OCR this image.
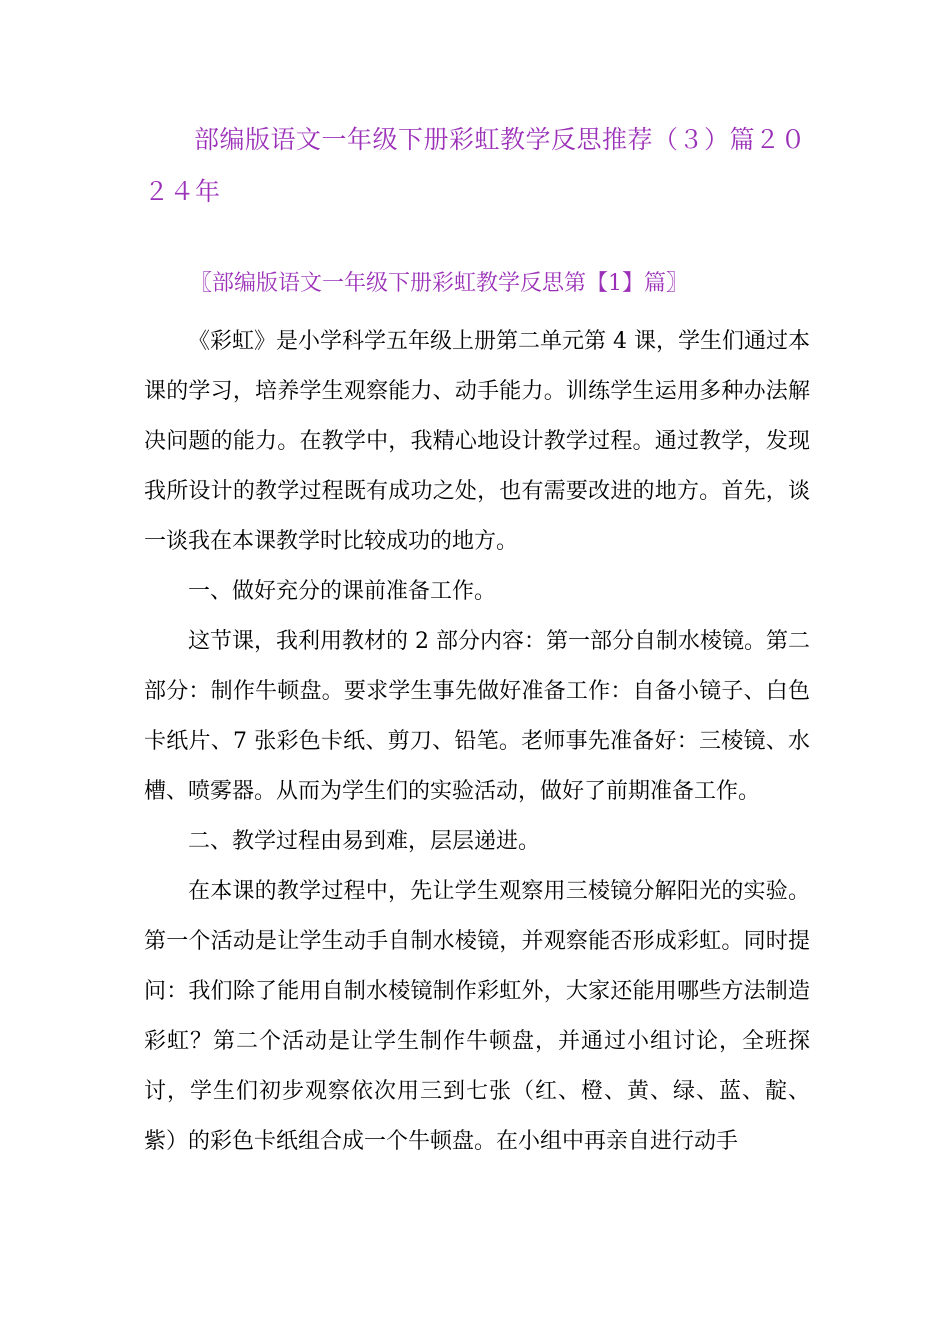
部编版语文一年级下册彩虹教学反思推荐（３）篇２０２４年
〖部编版语文一年级下册彩虹教学反思第【1】篇〗

《彩虹》是小学科学五年级上册第二单元第 4 课，学生们通过本课的学习，培养学生观察能力、动手能力。训练学生运用多种办法解决问题的能力。在教学中，我精心地设计教学过程。通过教学，发现我所设计的教学过程既有成功之处，也有需要改进的地方。首先，谈一谈我在本课教学时比较成功的地方。

一、做好充分的课前准备工作。

这节课，我利用教材的 2 部分内容：第一部分自制水棱镜。第二部分：制作牛顿盘。要求学生事先做好准备工作：自备小镜子、白色卡纸片、7 张彩色卡纸、剪刀、铅笔。老师事先准备好：三棱镜、水槽、喷雾器。从而为学生们的实验活动，做好了前期准备工作。

二、教学过程由易到难，层层递进。

在本课的教学过程中，先让学生观察用三棱镜分解阳光的实验。第一个活动是让学生动手自制水棱镜，并观察能否形成彩虹。同时提问：我们除了能用自制水棱镜制作彩虹外，大家还能用哪些方法制造彩虹？第二个活动是让学生制作牛顿盘，并通过小组讨论，全班探讨，学生们初步观察依次用三到七张（红、橙、黄、绿、蓝、靛、紫）的彩色卡纸组合成一个牛顿盘。在小组中再亲自进行动手
